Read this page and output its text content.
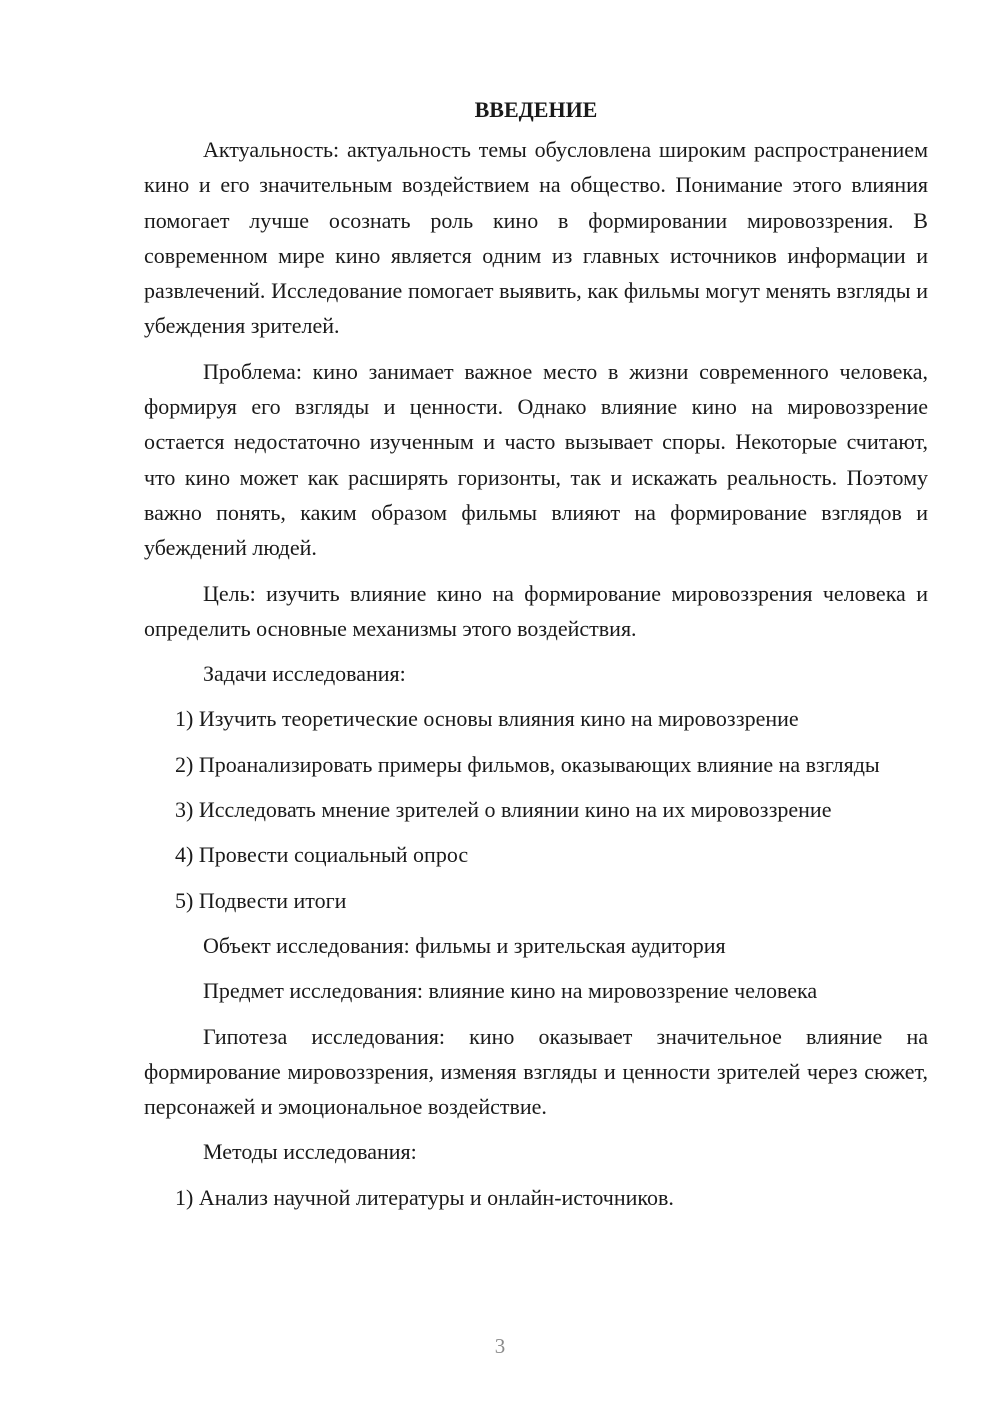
ВВЕДЕНИЕ

Актуальность: актуальность темы обусловлена широким распространением кино и его значительным воздействием на общество. Понимание этого влияния помогает лучше осознать роль кино в формировании мировоззрения. В современном мире кино является одним из главных источников информации и развлечений. Исследование помогает выявить, как фильмы могут менять взгляды и убеждения зрителей.

Проблема: кино занимает важное место в жизни современного человека, формируя его взгляды и ценности. Однако влияние кино на мировоззрение остается недостаточно изученным и часто вызывает споры. Некоторые считают, что кино может как расширять горизонты, так и искажать реальность. Поэтому важно понять, каким образом фильмы влияют на формирование взглядов и убеждений людей.

Цель: изучить влияние кино на формирование мировоззрения человека и определить основные механизмы этого воздействия.

Задачи исследования:

1) Изучить теоретические основы влияния кино на мировоззрение

2) Проанализировать примеры фильмов, оказывающих влияние на взгляды

3) Исследовать мнение зрителей о влиянии кино на их мировоззрение

4) Провести социальный опрос

5) Подвести итоги

Объект исследования: фильмы и зрительская аудитория

Предмет исследования: влияние кино на мировоззрение человека

Гипотеза исследования: кино оказывает значительное влияние на формирование мировоззрения, изменяя взгляды и ценности зрителей через сюжет, персонажей и эмоциональное воздействие.

Методы исследования:

1) Анализ научной литературы и онлайн-источников.

3
